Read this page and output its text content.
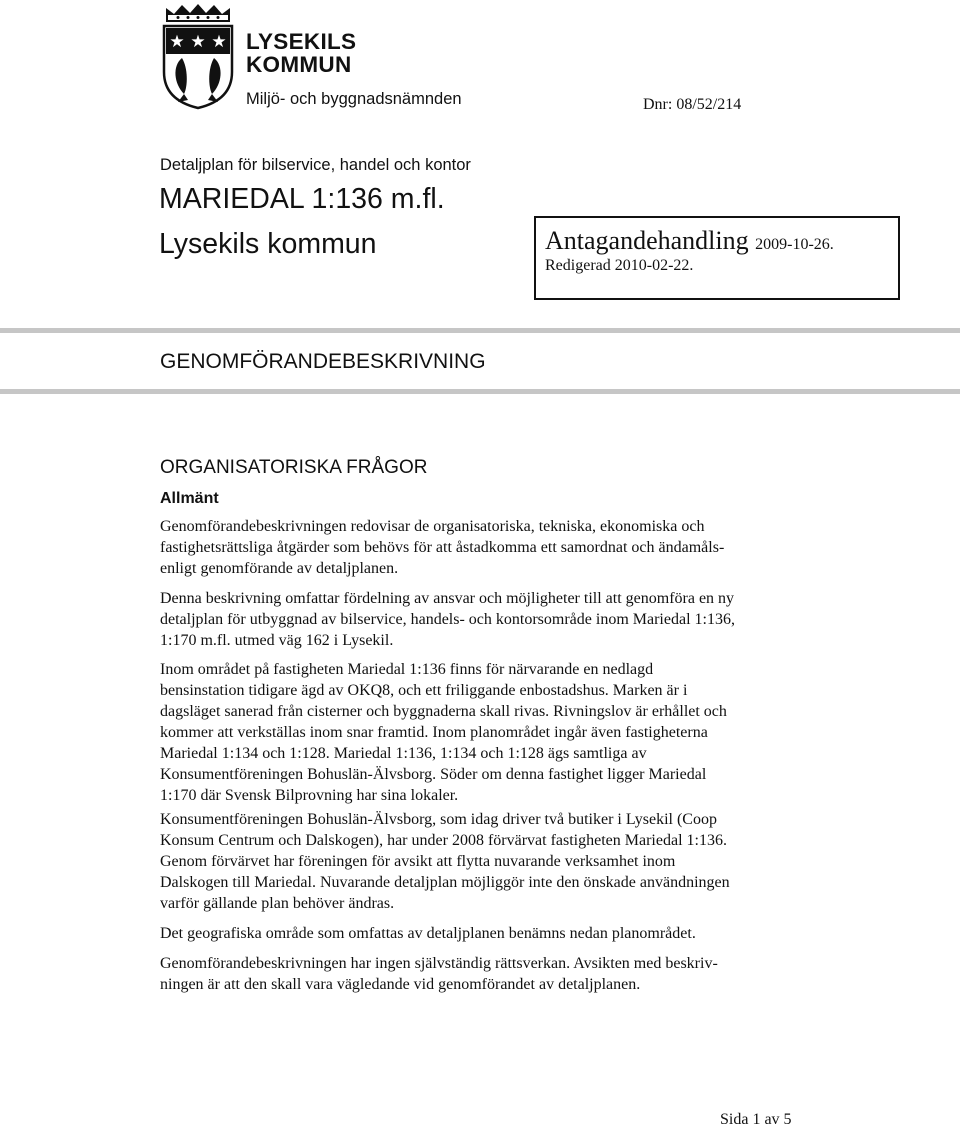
★ ★ ★ LYSEKILS
KOMMUN
Miljö- och byggnadsnämnden	Dnr: 08/52/214
Detaljplan för bilservice, handel och kontor
MARIEDAL 1:136 m.fl.
Lysekils kommun	Antagandehandling 2009-10-26.
Redigerad 2010-02-22.
GENOMFÖRANDEBESKRIVNING
ORGANISATORISKA FRÅGOR
Allmänt
Genomförandebeskrivningen redovisar de organisatoriska, tekniska, ekonomiska och
fastighetsrättsliga åtgärder som behövs för att åstadkomma ett samordnat och ändamåls-
enligt genomförande av detaljplanen.
Denna beskrivning omfattar fördelning av ansvar och möjligheter till att genomföra en ny
detaljplan för utbyggnad av bilservice, handels- och kontorsområde inom Mariedal 1:136,
1:170 m.fl. utmed väg 162 i Lysekil.
Inom området på fastigheten Mariedal 1:136 finns för närvarande en nedlagd
bensinstation tidigare ägd av OKQ8, och ett friliggande enbostadshus. Marken är i
dagsläget sanerad från cisterner och byggnaderna skall rivas. Rivningslov är erhållet och
kommer att verkställas inom snar framtid. Inom planområdet ingår även fastigheterna
Mariedal 1:134 och 1:128. Mariedal 1:136, 1:134 och 1:128 ägs samtliga av
Konsumentföreningen Bohuslän-Älvsborg. Söder om denna fastighet ligger Mariedal
1:170 där Svensk Bilprovning har sina lokaler.
Konsumentföreningen Bohuslän-Älvsborg, som idag driver två butiker i Lysekil (Coop
Konsum Centrum och Dalskogen), har under 2008 förvärvat fastigheten Mariedal 1:136.
Genom förvärvet har föreningen för avsikt att flytta nuvarande verksamhet inom
Dalskogen till Mariedal. Nuvarande detaljplan möjliggör inte den önskade användningen
varför gällande plan behöver ändras.
Det geografiska område som omfattas av detaljplanen benämns nedan planområdet.
Genomförandebeskrivningen har ingen självständig rättsverkan. Avsikten med beskriv-
ningen är att den skall vara vägledande vid genomförandet av detaljplanen.
Sida 1 av 5
